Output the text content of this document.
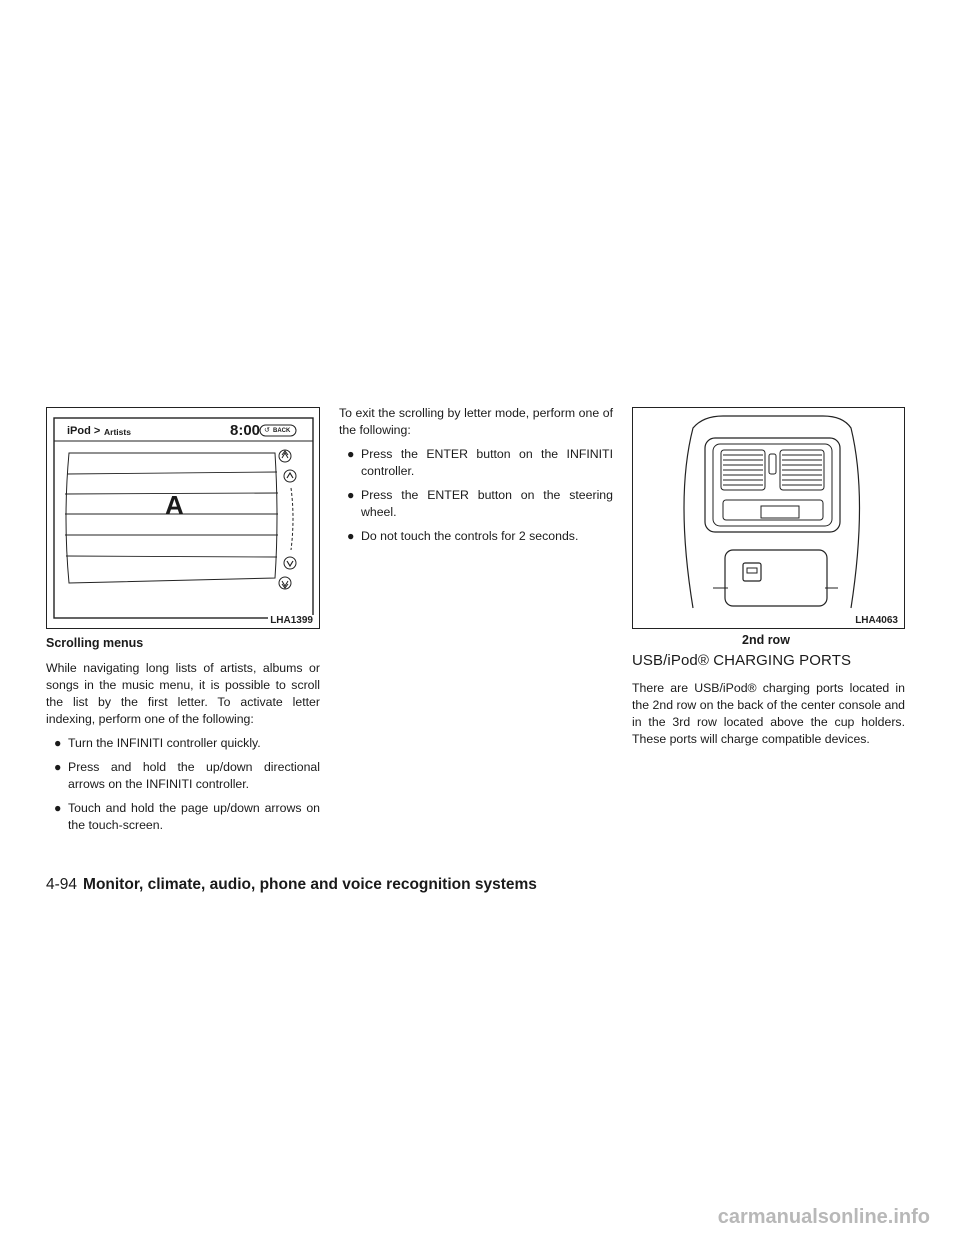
iPod > Artists	8:00 ↺ BACK
A
LHA1399	LHA4063
2nd row
Scrolling menus

While navigating long lists of artists, albums or songs in the music menu, it is possible to scroll the list by the first letter. To activate letter indexing, perform one of the following:

● Turn the INFINITI controller quickly.
● Press and hold the up/down directional arrows on the INFINITI controller.
● Touch and hold the page up/down arrows on the touch-screen.

To exit the scrolling by letter mode, perform one of the following:

● Press the ENTER button on the INFINITI controller.
● Press the ENTER button on the steering wheel.
● Do not touch the controls for 2 seconds.
USB/iPod® CHARGING PORTS

There are USB/iPod® charging ports located in the 2nd row on the back of the center console and in the 3rd row located above the cup holders. These ports will charge compatible devices.

4-94 Monitor, climate, audio, phone and voice recognition systems
carmanualsonline.info
